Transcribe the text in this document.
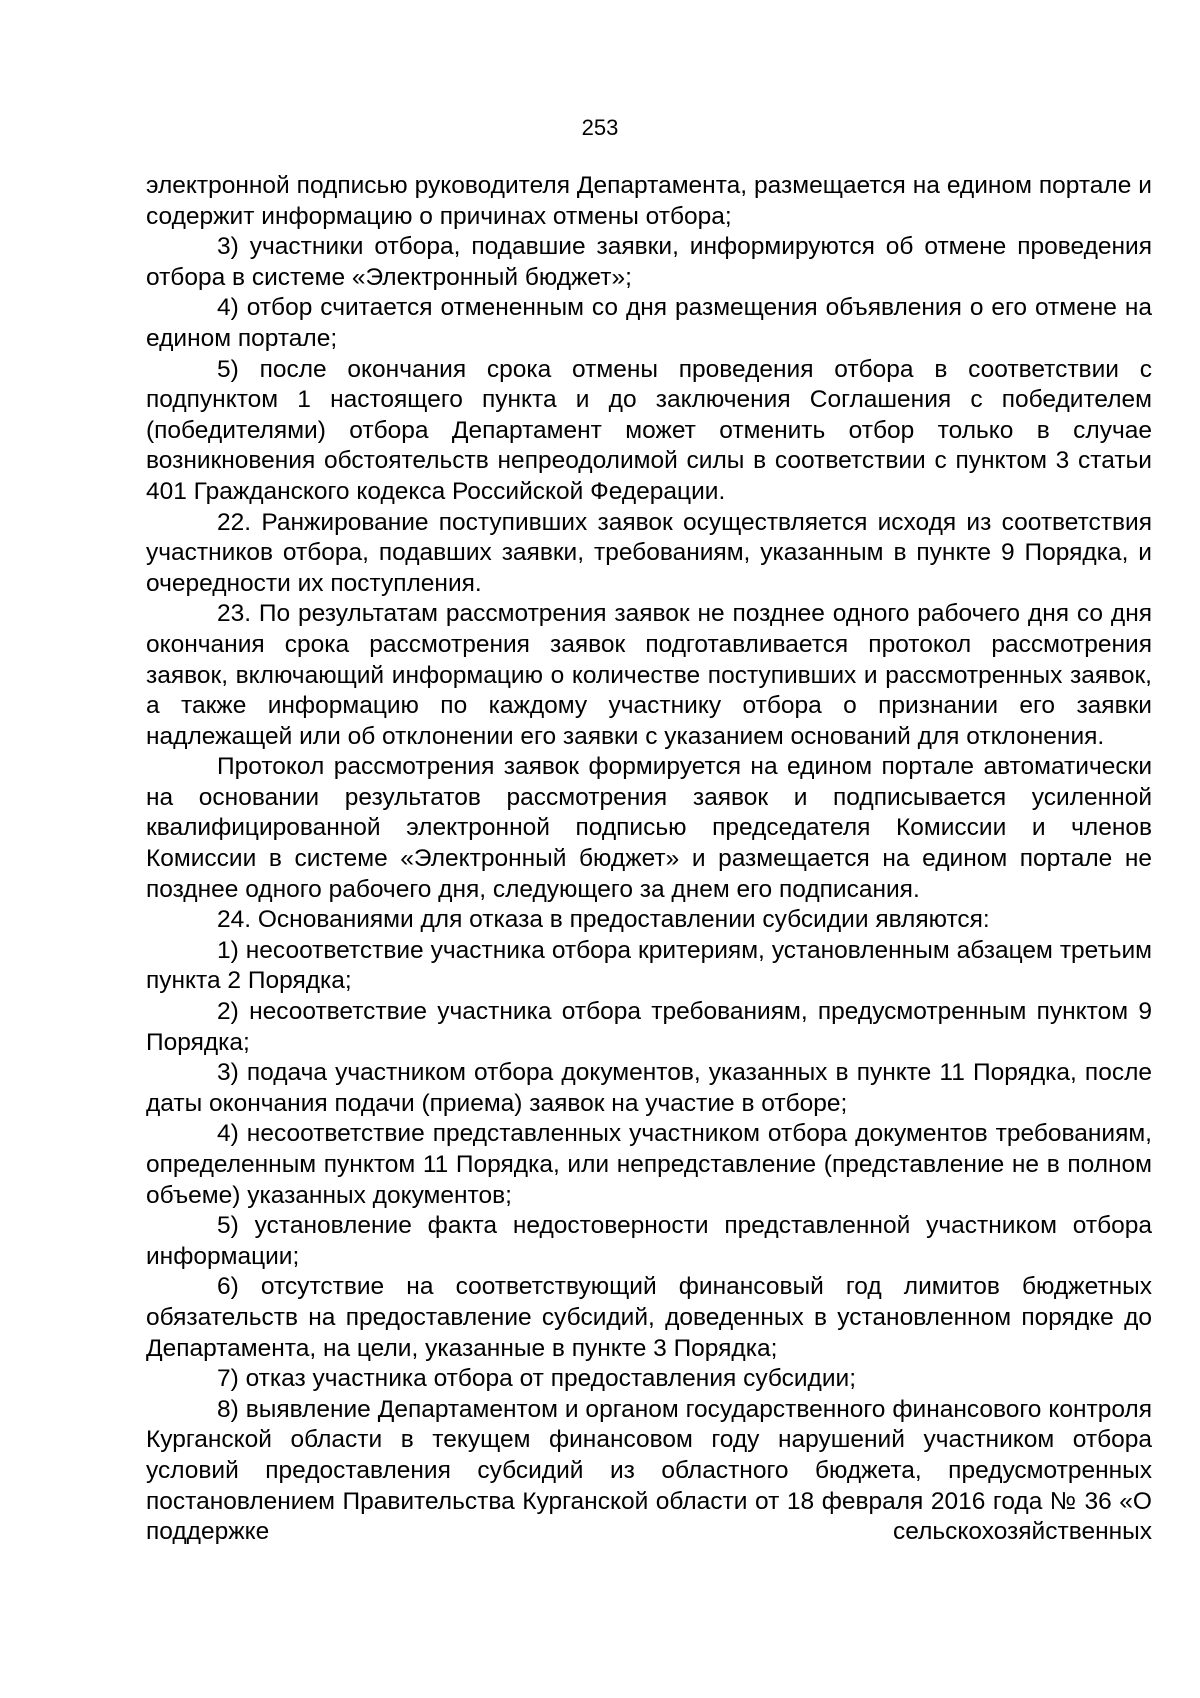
253

электронной подписью руководителя Департамента, размещается на едином портале и содержит информацию о причинах отмены отбора;

3) участники отбора, подавшие заявки, информируются об отмене проведения отбора в системе «Электронный бюджет»;

4) отбор считается отмененным со дня размещения объявления о его отмене на едином портале;

5) после окончания срока отмены проведения отбора в соответствии с подпунктом 1 настоящего пункта и до заключения Соглашения с победителем (победителями) отбора Департамент может отменить отбор только в случае возникновения обстоятельств непреодолимой силы в соответствии с пунктом 3 статьи 401 Гражданского кодекса Российской Федерации.

22. Ранжирование поступивших заявок осуществляется исходя из соответствия участников отбора, подавших заявки, требованиям, указанным в пункте 9 Порядка, и очередности их поступления.

23. По результатам рассмотрения заявок не позднее одного рабочего дня со дня окончания срока рассмотрения заявок подготавливается протокол рассмотрения заявок, включающий информацию о количестве поступивших и рассмотренных заявок, а также информацию по каждому участнику отбора о признании его заявки надлежащей или об отклонении его заявки с указанием оснований для отклонения.

Протокол рассмотрения заявок формируется на едином портале автоматически на основании результатов рассмотрения заявок и подписывается усиленной квалифицированной электронной подписью председателя Комиссии и членов Комиссии в системе «Электронный бюджет» и размещается на едином портале не позднее одного рабочего дня, следующего за днем его подписания.

24. Основаниями для отказа в предоставлении субсидии являются:

1) несоответствие участника отбора критериям, установленным абзацем третьим пункта 2 Порядка;

2) несоответствие участника отбора требованиям, предусмотренным пунктом 9 Порядка;

3) подача участником отбора документов, указанных в пункте 11 Порядка, после даты окончания подачи (приема) заявок на участие в отборе;

4) несоответствие представленных участником отбора документов требованиям, определенным пунктом 11 Порядка, или непредставление (представление не в полном объеме) указанных документов;

5) установление факта недостоверности представленной участником отбора информации;

6) отсутствие на соответствующий финансовый год лимитов бюджетных обязательств на предоставление субсидий, доведенных в установленном порядке до Департамента, на цели, указанные в пункте 3 Порядка;

7) отказ участника отбора от предоставления субсидии;

8) выявление Департаментом и органом государственного финансового контроля Курганской области в текущем финансовом году нарушений участником отбора условий предоставления субсидий из областного бюджета, предусмотренных постановлением Правительства Курганской области от 18 февраля 2016 года № 36 «О поддержке сельскохозяйственных
